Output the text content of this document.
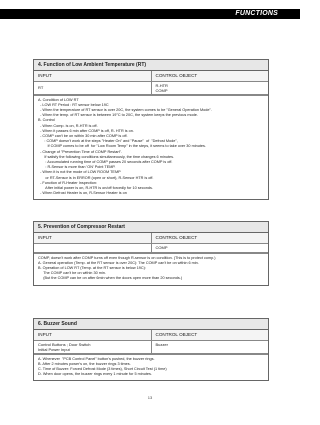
FUNCTIONS
4. Function of Low Ambient Temperature (RT)
INPUT	CONTROL OBJECT
RT	R-HTR
COMP
A. Condition of LOW RT
- LOW RT Period : RT sensor below 19C
- When the temperature of RT sensor is over 20C, the system comes to be "General Operation Mode".
- When the temp. of RT sensor is between 19°C to 20C, the system keeps the previous mode.
B. Control
- When Comp. is on, R-HTR is off.
- When it passes 6 min after COMP is off, R- HTR is on.
- COMP can't be on within 30 min after COMP is off.
: COMP doesn't work at the steps "Heater On" and "Pause"  of  "Defrost Mode",
If COMP comes to be off  for "Low Room Temp" in the steps, it seems to take over 30 minutes.
- Change of "Prevention Time of COMP Restart".
If satisfy the following conditions simultaneously, the time changes 6 minutes.
: Accumulated running time of COMP passes 20 seconds after COMP is off.
: R-Sensor is more than 'ON' Point TEMP.
- When it is not the mode of LOW ROOM TEMP
or RT-Sensor is in ERROR (open or short), R-Sensor HTR is off.
- Function of R-Heater Inspection:
After initial power is on, R-HTR is on/off forcedly for 10 seconds.
- When Defrost Heater is on, R-Sensor Heater is on
5. Prevention of Compressor Restart
INPUT	CONTROL OBJECT
	COMP
COMP, doesn't work after COMP turns off even though R-sensor is on condition. (This is to protect comp.)
A. General operation (Temp. at the RT sensor is over 20C): The COMP can't be on within 6 min.
B. Operation of LOW RT (Temp. at the RT sensor is below 19C):
The COMP can't be on within 30 min.
(But the COMP can be on after 6min when the doors open more than 20 seconds.)
6. Buzzer Sound
INPUT	CONTROL OBJECT

Control Buttons ; Door Switch
Initial Power Input	Buzzer
A. Whenever  "PCB Control Panel" button's pushed, the buzzer rings.
B. After 2 minutes power's on, the buzzer rings 3 times.
C. Time of Buzzer: Forced Defrost Mode (3 times), Short Circuit Test (1 time)
D. When door opens, the buzzer rings every 1 minute for 5 minutes.
13
